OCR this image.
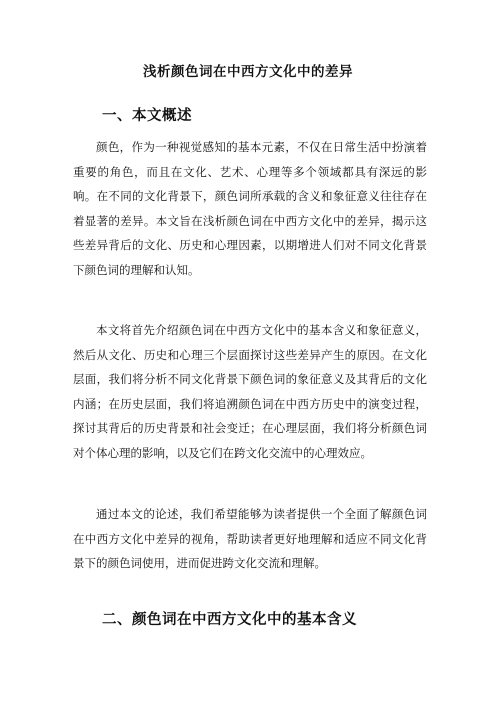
浅析颜色词在中西方文化中的差异
一、本文概述

颜色，作为一种视觉感知的基本元素，不仅在日常生活中扮演着重要的角色，而且在文化、艺术、心理等多个领域都具有深远的影响。在不同的文化背景下，颜色词所承载的含义和象征意义往往存在着显著的差异。本文旨在浅析颜色词在中西方文化中的差异，揭示这些差异背后的文化、历史和心理因素，以期增进人们对不同文化背景下颜色词的理解和认知。

本文将首先介绍颜色词在中西方文化中的基本含义和象征意义，然后从文化、历史和心理三个层面探讨这些差异产生的原因。在文化层面，我们将分析不同文化背景下颜色词的象征意义及其背后的文化内涵；在历史层面，我们将追溯颜色词在中西方历史中的演变过程，探讨其背后的历史背景和社会变迁；在心理层面，我们将分析颜色词对个体心理的影响，以及它们在跨文化交流中的心理效应。

通过本文的论述，我们希望能够为读者提供一个全面了解颜色词在中西方文化中差异的视角，帮助读者更好地理解和适应不同文化背景下的颜色词使用，进而促进跨文化交流和理解。

二、颜色词在中西方文化中的基本含义
